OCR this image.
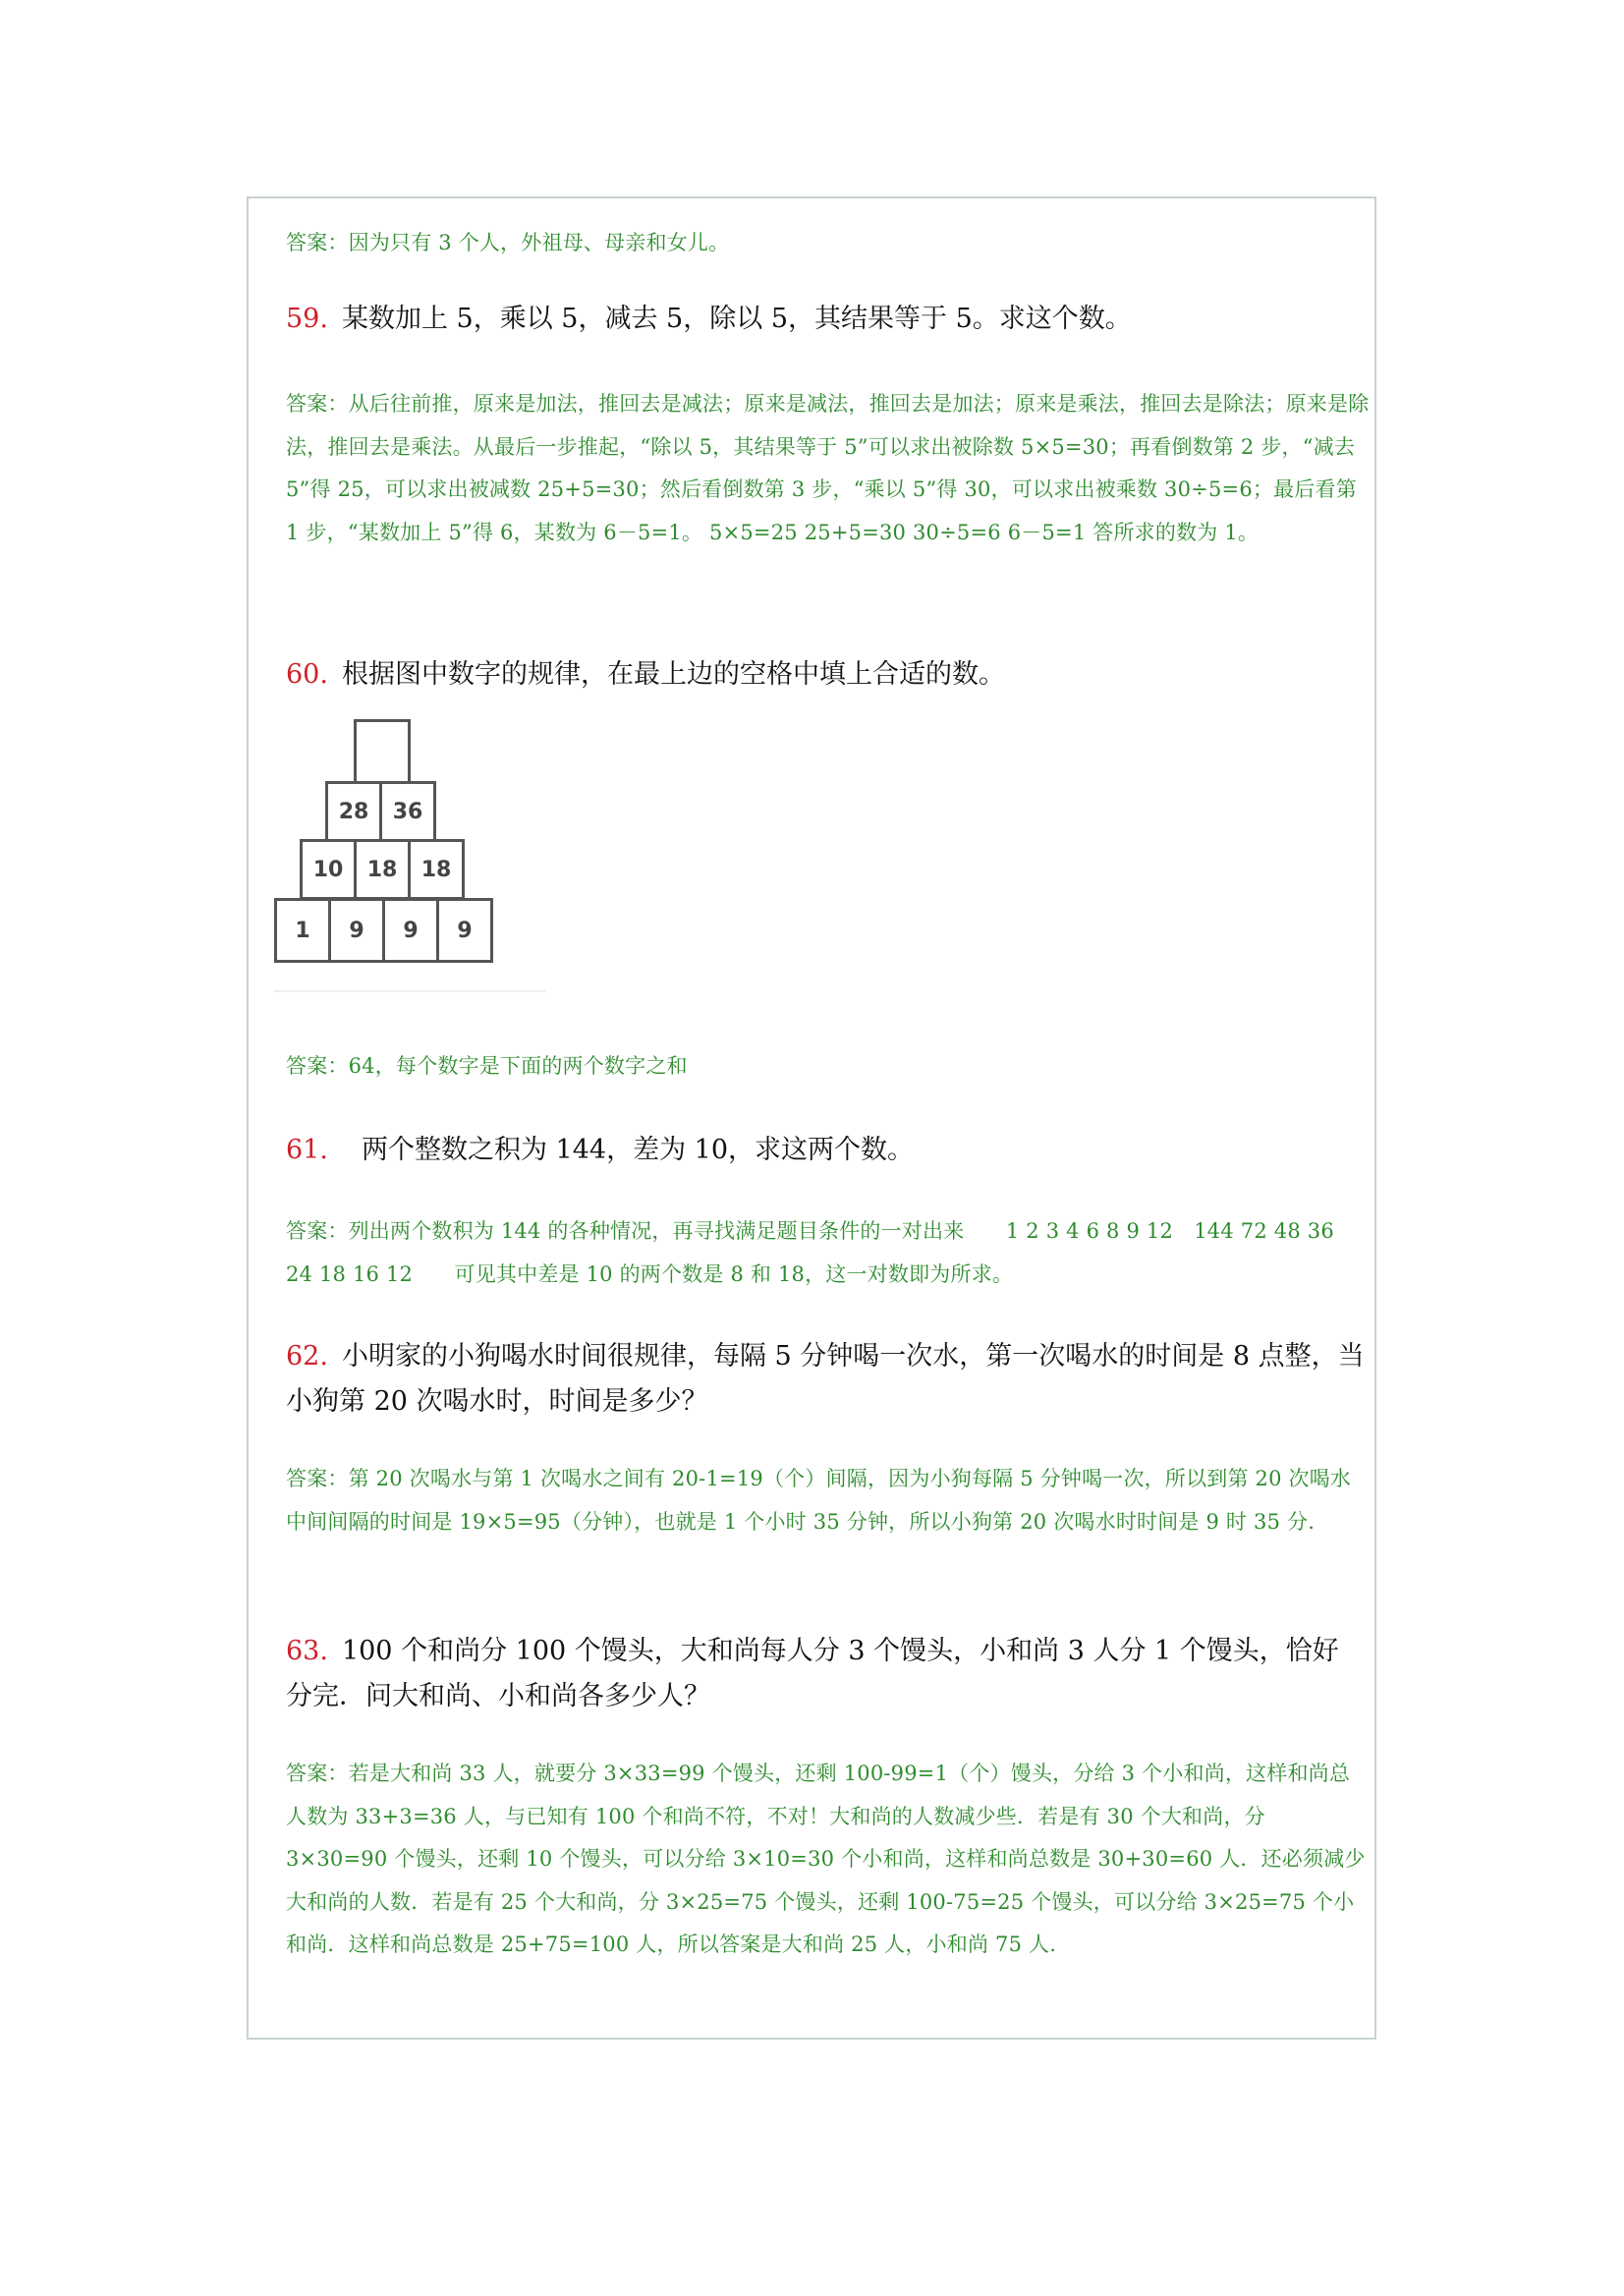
答案：因为只有 3 个人，外祖母、母亲和女儿。
59. 某数加上 5，乘以 5，减去 5，除以 5，其结果等于 5。求这个数。
答案：从后往前推，原来是加法，推回去是减法；原来是减法，推回去是加法；原来是乘法，推回去是除法；原来是除法，推回去是乘法。从最后一步推起，“除以 5，其结果等于 5”可以求出被除数 5×5=30；再看倒数第 2 步，“减去 5”得 25，可以求出被减数 25+5=30；然后看倒数第 3 步，“乘以 5”得 30，可以求出被乘数 30÷5=6；最后看第 1 步，“某数加上 5”得 6，某数为 6－5=1。 5×5=25 25+5=30 30÷5=6 6－5=1 答所求的数为 1。
60. 根据图中数字的规律，在最上边的空格中填上合适的数。
28	36
10	18	18
1	9	9	9
答案：64，每个数字是下面的两个数字之和
61. 两个整数之积为 144，差为 10，求这两个数。
答案：列出两个数积为 144 的各种情况，再寻找满足题目条件的一对出来　　1 2 3 4 6 8 9 12　144 72 48 36 24 18 16 12　　可见其中差是 10 的两个数是 8 和 18，这一对数即为所求。
62. 小明家的小狗喝水时间很规律，每隔 5 分钟喝一次水，第一次喝水的时间是 8 点整，当小狗第 20 次喝水时，时间是多少？
答案：第 20 次喝水与第 1 次喝水之间有 20-1=19（个）间隔，因为小狗每隔 5 分钟喝一次，所以到第 20 次喝水中间间隔的时间是 19×5=95（分钟），也就是 1 个小时 35 分钟，所以小狗第 20 次喝水时时间是 9 时 35 分.
63. 100 个和尚分 100 个馒头，大和尚每人分 3 个馒头，小和尚 3 人分 1 个馒头，恰好分完．问大和尚、小和尚各多少人？
答案：若是大和尚 33 人，就要分 3×33=99 个馒头，还剩 100-99=1（个）馒头，分给 3 个小和尚，这样和尚总人数为 33+3=36 人，与已知有 100 个和尚不符，不对！大和尚的人数减少些．若是有 30 个大和尚，分 3×30=90 个馒头，还剩 10 个馒头，可以分给 3×10=30 个小和尚，这样和尚总数是 30+30=60 人．还必须减少大和尚的人数．若是有 25 个大和尚，分 3×25=75 个馒头，还剩 100-75=25 个馒头，可以分给 3×25=75 个小和尚．这样和尚总数是 25+75=100 人，所以答案是大和尚 25 人，小和尚 75 人.
